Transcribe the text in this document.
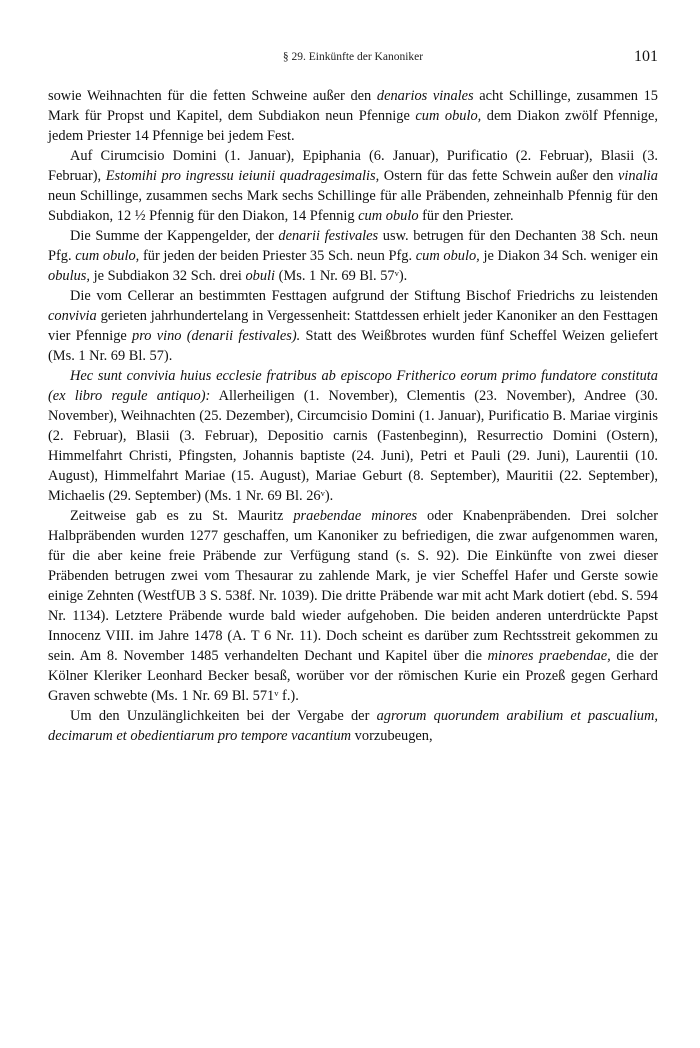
§ 29. Einkünfte der Kanoniker	101

sowie Weihnachten für die fetten Schweine außer den denarios vinales acht Schillinge, zusammen 15 Mark für Propst und Kapitel, dem Subdiakon neun Pfennige cum obulo, dem Diakon zwölf Pfennige, jedem Priester 14 Pfennige bei jedem Fest.

Auf Cirumcisio Domini (1. Januar), Epiphania (6. Januar), Purificatio (2. Februar), Blasii (3. Februar), Estomihi pro ingressu ieiunii quadragesimalis, Ostern für das fette Schwein außer den vinalia neun Schillinge, zusammen sechs Mark sechs Schillinge für alle Präbenden, zehneinhalb Pfennig für den Subdiakon, 12 ½ Pfennig für den Diakon, 14 Pfennig cum obulo für den Priester.

Die Summe der Kappengelder, der denarii festivales usw. betrugen für den Dechanten 38 Sch. neun Pfg. cum obulo, für jeden der beiden Priester 35 Sch. neun Pfg. cum obulo, je Diakon 34 Sch. weniger ein obulus, je Subdiakon 32 Sch. drei obuli (Ms. 1 Nr. 69 Bl. 57ᵛ).

Die vom Cellerar an bestimmten Festtagen aufgrund der Stiftung Bischof Friedrichs zu leistenden convivia gerieten jahrhundertelang in Vergessenheit: Stattdessen erhielt jeder Kanoniker an den Festtagen vier Pfennige pro vino (denarii festivales). Statt des Weißbrotes wurden fünf Scheffel Weizen geliefert (Ms. 1 Nr. 69 Bl. 57).

Hec sunt convivia huius ecclesie fratribus ab episcopo Fritherico eorum primo fundatore constituta (ex libro regule antiquo): Allerheiligen (1. November), Clementis (23. November), Andree (30. November), Weihnachten (25. Dezember), Circumcisio Domini (1. Januar), Purificatio B. Mariae virginis (2. Februar), Blasii (3. Februar), Depositio carnis (Fastenbeginn), Resurrectio Domini (Ostern), Himmelfahrt Christi, Pfingsten, Johannis baptiste (24. Juni), Petri et Pauli (29. Juni), Laurentii (10. August), Himmelfahrt Mariae (15. August), Mariae Geburt (8. September), Mauritii (22. September), Michaelis (29. September) (Ms. 1 Nr. 69 Bl. 26ᵛ).

Zeitweise gab es zu St. Mauritz praebendae minores oder Knabenpräbenden. Drei solcher Halbpräbenden wurden 1277 geschaffen, um Kanoniker zu befriedigen, die zwar aufgenommen waren, für die aber keine freie Präbende zur Verfügung stand (s. S. 92). Die Einkünfte von zwei dieser Präbenden betrugen zwei vom Thesaurar zu zahlende Mark, je vier Scheffel Hafer und Gerste sowie einige Zehnten (WestfUB 3 S. 538f. Nr. 1039). Die dritte Präbende war mit acht Mark dotiert (ebd. S. 594 Nr. 1134). Letztere Präbende wurde bald wieder aufgehoben. Die beiden anderen unterdrückte Papst Innocenz VIII. im Jahre 1478 (A. T 6 Nr. 11). Doch scheint es darüber zum Rechtsstreit gekommen zu sein. Am 8. November 1485 verhandelten Dechant und Kapitel über die minores praebendae, die der Kölner Kleriker Leonhard Becker besaß, worüber vor der römischen Kurie ein Prozeß gegen Gerhard Graven schwebte (Ms. 1 Nr. 69 Bl. 571ᵛ f.).

Um den Unzulänglichkeiten bei der Vergabe der agrorum quorundem arabilium et pascualium, decimarum et obedientiarum pro tempore vacantium vorzubeugen,
